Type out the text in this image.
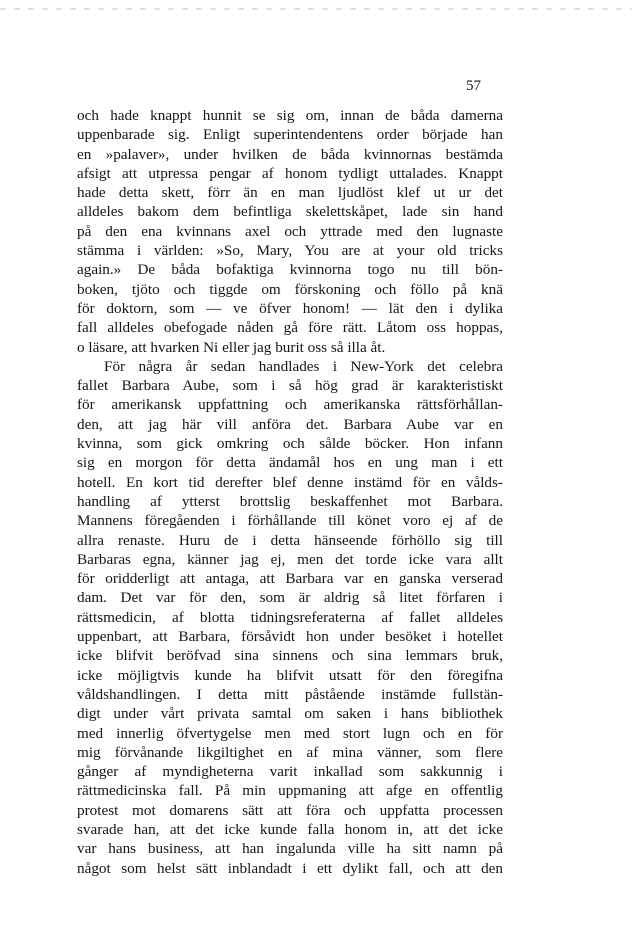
57
och hade knappt hunnit se sig om, innan de båda damerna
uppenbarade sig. Enligt superintendentens order började han
en »palaver», under hvilken de båda kvinnornas bestämda
afsigt att utpressa pengar af honom tydligt uttalades. Knappt
hade detta skett, förr än en man ljudlöst klef ut ur det
alldeles bakom dem befintliga skelettskåpet, lade sin hand
på den ena kvinnans axel och yttrade med den lugnaste
stämma i världen: »So, Mary, You are at your old tricks
again.» De båda bofaktiga kvinnorna togo nu till bön-
boken, tjöto och tiggde om förskoning och föllo på knä
för doktorn, som — ve öfver honom! — lät den i dylika
fall alldeles obefogade nåden gå före rätt. Låtom oss hoppas,
o läsare, att hvarken Ni eller jag burit oss så illa åt.
För några år sedan handlades i New-York det celebra
fallet Barbara Aube, som i så hög grad är karakteristiskt
för amerikansk uppfattning och amerikanska rättsförhållan-
den, att jag här vill anföra det. Barbara Aube var en
kvinna, som gick omkring och sålde böcker. Hon infann
sig en morgon för detta ändamål hos en ung man i ett
hotell. En kort tid derefter blef denne instämd för en vålds-
handling af ytterst brottslig beskaffenhet mot Barbara.
Mannens föregåenden i förhållande till könet voro ej af de
allra renaste. Huru de i detta hänseende förhöllo sig till
Barbaras egna, känner jag ej, men det torde icke vara allt
för oridderligt att antaga, att Barbara var en ganska verserad
dam. Det var för den, som är aldrig så litet förfaren i
rättsmedicin, af blotta tidningsreferaterna af fallet alldeles
uppenbart, att Barbara, försåvidt hon under besöket i hotellet
icke blifvit beröfvad sina sinnens och sina lemmars bruk,
icke möjligtvis kunde ha blifvit utsatt för den föregifna
våldshandlingen. I detta mitt påstående instämde fullstän-
digt under vårt privata samtal om saken i hans bibliothek
med innerlig öfvertygelse men med stort lugn och en för
mig förvånande likgiltighet en af mina vänner, som flere
gånger af myndigheterna varit inkallad som sakkunnig i
rättmedicinska fall. På min uppmaning att afge en offentlig
protest mot domarens sätt att föra och uppfatta processen
svarade han, att det icke kunde falla honom in, att det icke
var hans business, att han ingalunda ville ha sitt namn på
något som helst sätt inblandadt i ett dylikt fall, och att den
